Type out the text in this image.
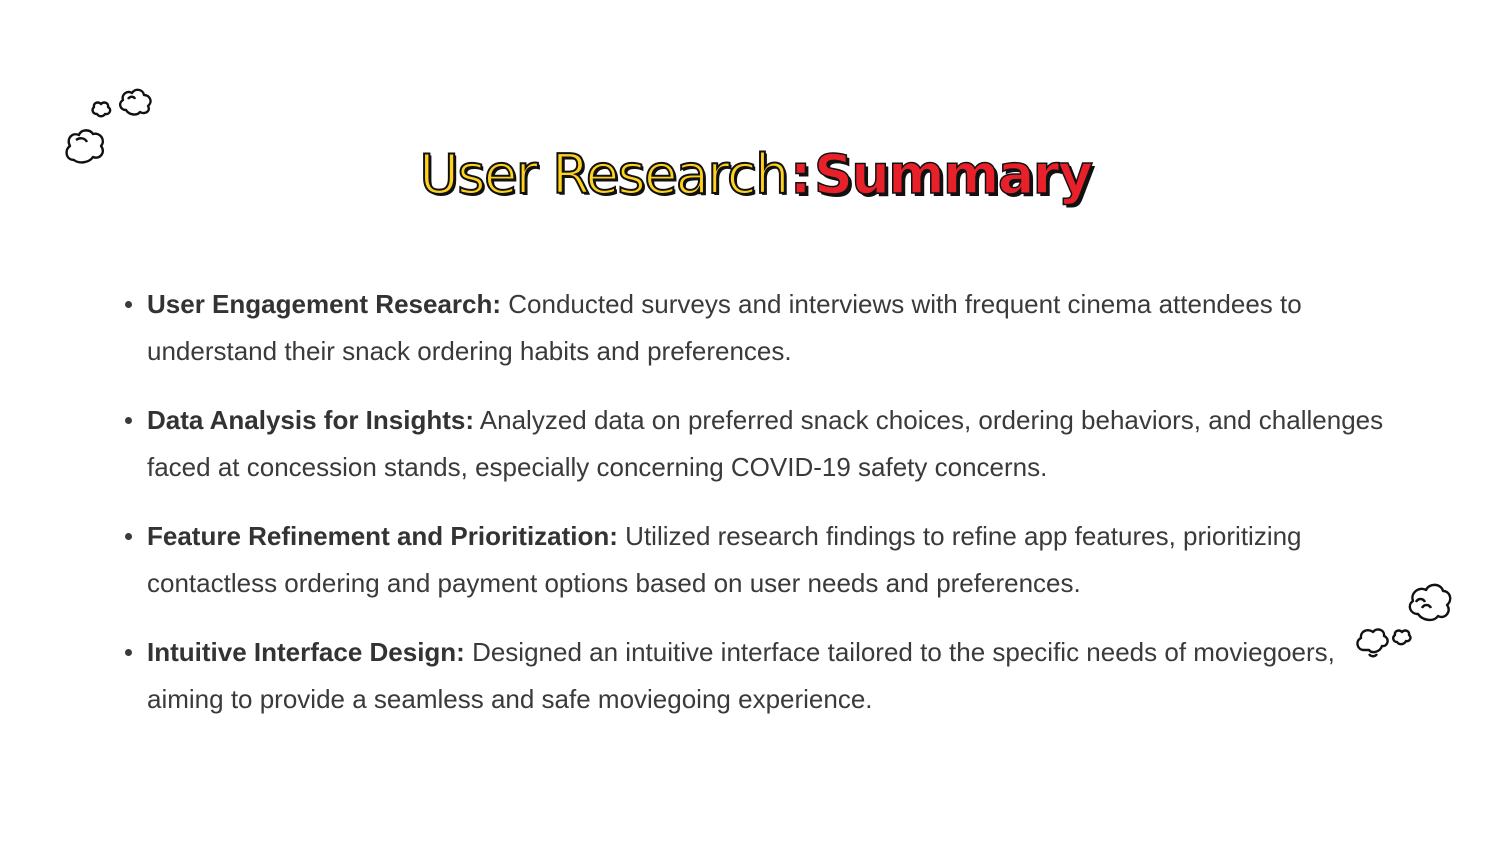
User Research:Summary
User Engagement Research: Conducted surveys and interviews with frequent cinema attendees to understand their snack ordering habits and preferences.
Data Analysis for Insights: Analyzed data on preferred snack choices, ordering behaviors, and challenges faced at concession stands, especially concerning COVID-19 safety concerns.
Feature Refinement and Prioritization: Utilized research findings to refine app features, prioritizing contactless ordering and payment options based on user needs and preferences.
Intuitive Interface Design: Designed an intuitive interface tailored to the specific needs of moviegoers, aiming to provide a seamless and safe moviegoing experience.
